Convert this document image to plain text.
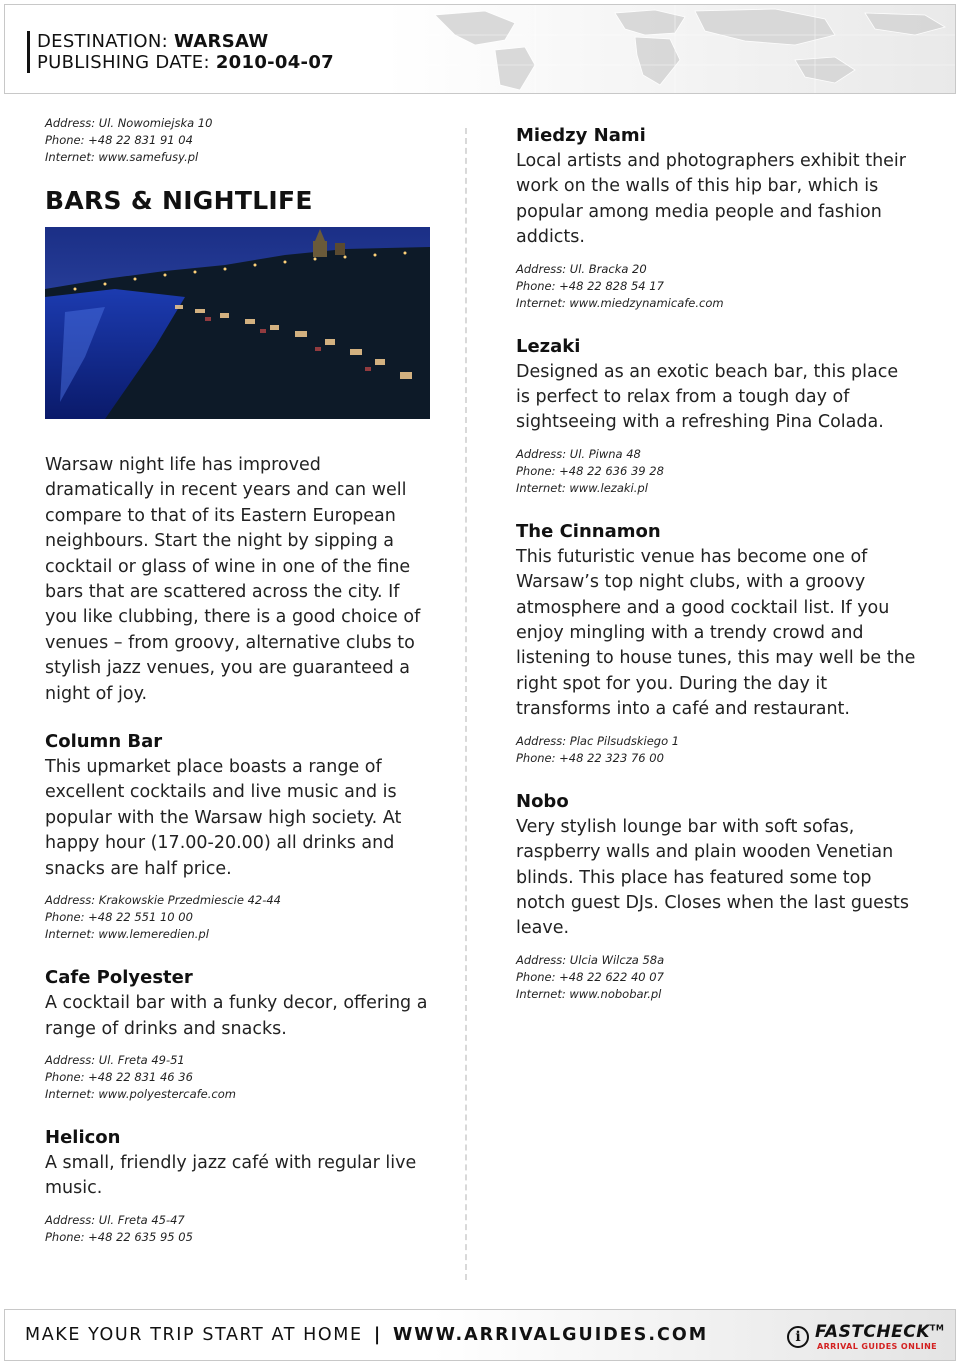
DESTINATION: WARSAW
PUBLISHING DATE: 2010-04-07
Address: Ul. Nowomiejska 10
Phone: +48 22 831 91 04
Internet: www.samefusy.pl
BARS & NIGHTLIFE
Warsaw night life has improved dramatically in recent years and can well compare to that of its Eastern European neighbours. Start the night by sipping a cocktail or glass of wine in one of the fine bars that are scattered across the city. If you like clubbing, there is a good choice of venues – from groovy, alternative clubs to stylish jazz venues, you are guaranteed a night of joy.
Column Bar
This upmarket place boasts a range of excellent cocktails and live music and is popular with the Warsaw high society. At happy hour (17.00-20.00) all drinks and snacks are half price.
Address: Krakowskie Przedmiescie 42-44
Phone: +48 22 551 10 00
Internet: www.lemeredien.pl
Cafe Polyester
A cocktail bar with a funky decor, offering a range of drinks and snacks.
Address: Ul. Freta 49-51
Phone: +48 22 831 46 36
Internet: www.polyestercafe.com
Helicon
A small, friendly jazz café with regular live music.
Address: Ul. Freta 45-47
Phone: +48 22 635 95 05
Miedzy Nami
Local artists and photographers exhibit their work on the walls of this hip bar, which is popular among media people and fashion addicts.
Address: Ul. Bracka 20
Phone: +48 22 828 54 17
Internet: www.miedzynamicafe.com
Lezaki
Designed as an exotic beach bar, this place is perfect to relax from a tough day of sightseeing with a refreshing Pina Colada.
Address: Ul. Piwna 48
Phone: +48 22 636 39 28
Internet: www.lezaki.pl
The Cinnamon
This futuristic venue has become one of Warsaw’s top night clubs, with a groovy atmosphere and a good cocktail list. If you enjoy mingling with a trendy crowd and listening to house tunes, this may well be the right spot for you. During the day it transforms into a café and restaurant.
Address: Plac Pilsudskiego 1
Phone: +48 22 323 76 00
Nobo
Very stylish lounge bar with soft sofas, raspberry walls and plain wooden Venetian blinds. This place has featured some top notch guest DJs. Closes when the last guests leave.
Address: Ulcia Wilcza 58a
Phone: +48 22 622 40 07
Internet: www.nobobar.pl
MAKE YOUR TRIP START AT HOME | WWW.ARRIVALGUIDES.COM	i FASTCHECK™
ARRIVAL GUIDES ONLINE
